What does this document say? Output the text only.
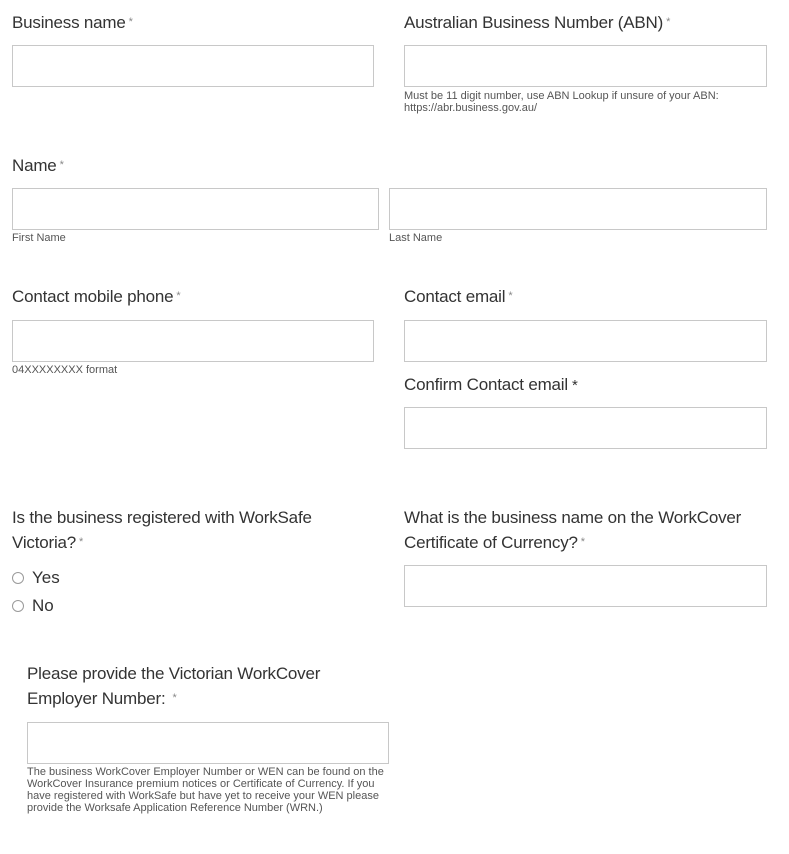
Business name *	Australian Business Number (ABN) *
Must be 11 digit number, use ABN Lookup if unsure of your ABN: https://abr.business.gov.au/
Name *
First Name	Last Name
Contact mobile phone *
04XXXXXXXX format
Contact email *
Confirm Contact email *
Is the business registered with WorkSafe
Victoria? *
Yes
No
What is the business name on the WorkCover
Certificate of Currency? *
Please provide the Victorian WorkCover
Employer Number: *
The business WorkCover Employer Number or WEN can be found on the WorkCover Insurance premium notices or Certificate of Currency. If you have registered with WorkSafe but have yet to receive your WEN please provide the Worksafe Application Reference Number (WRN.)
